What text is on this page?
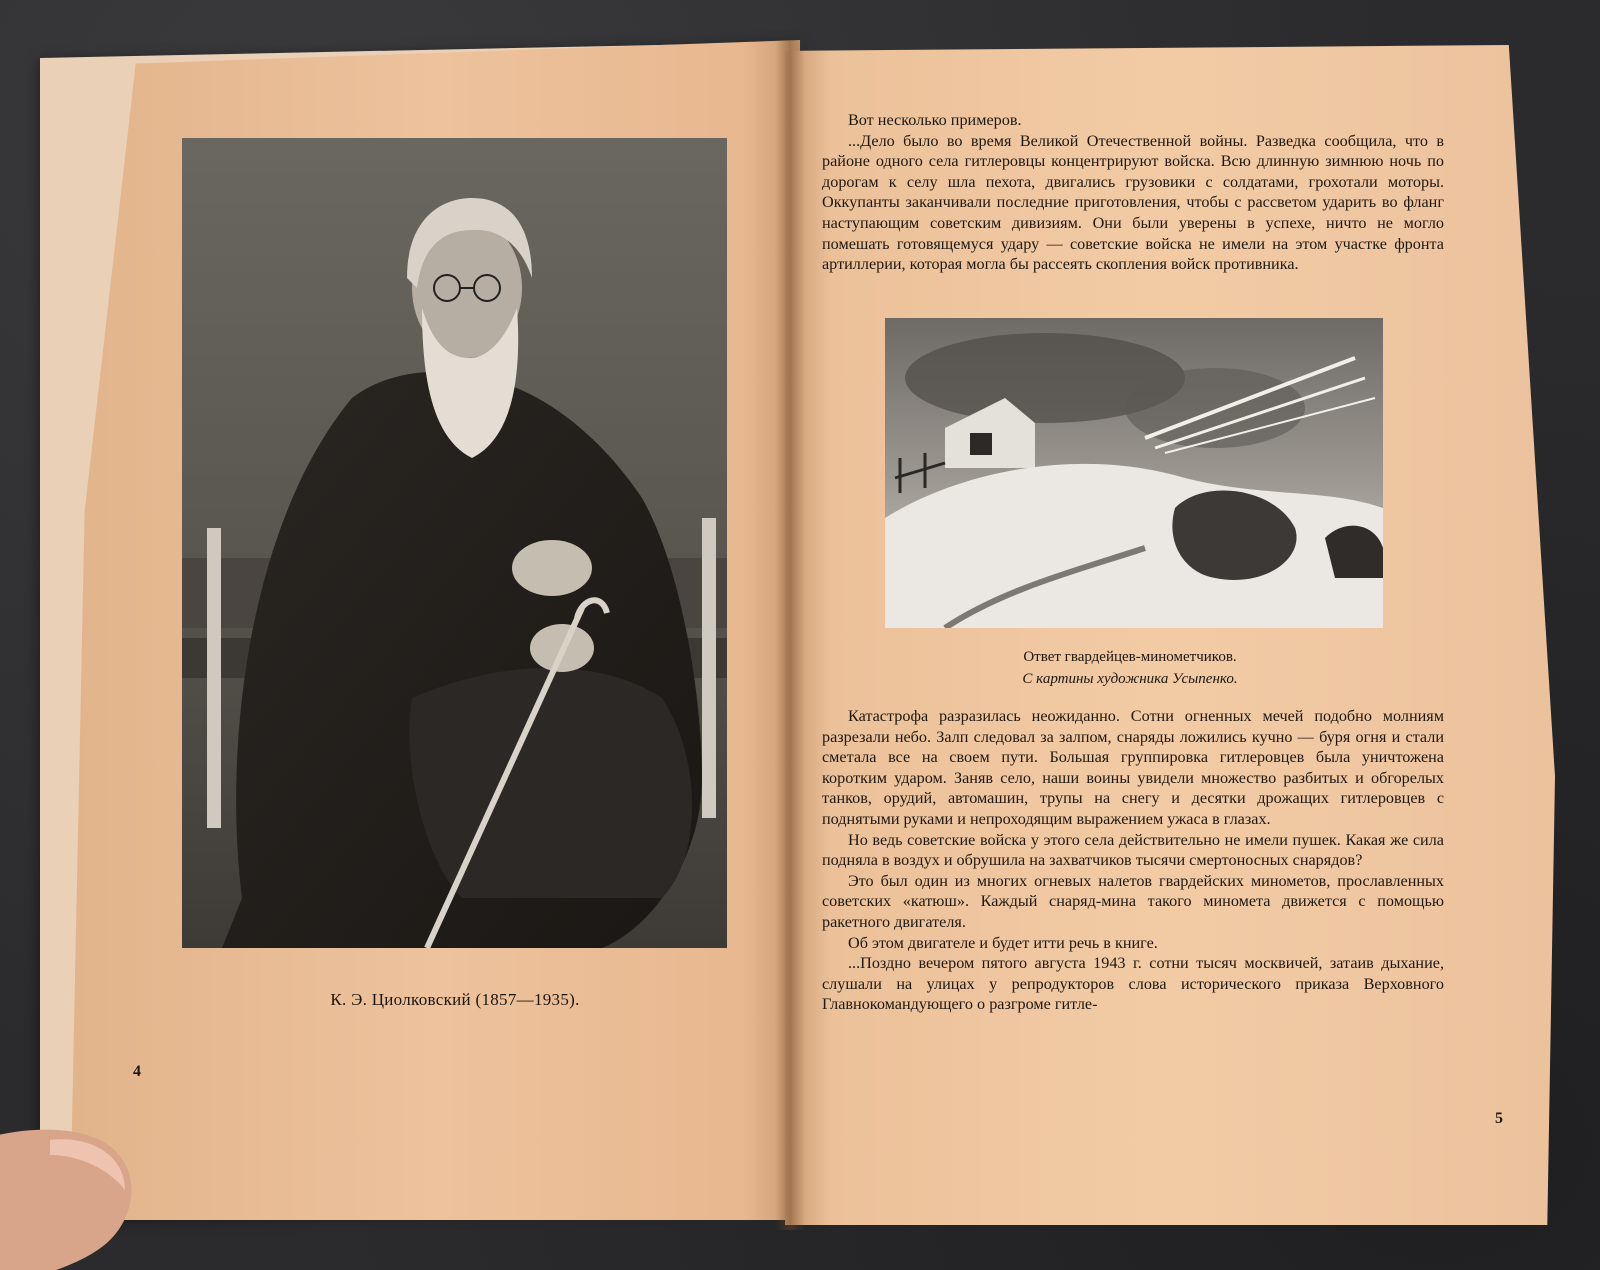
К. Э. Циолковский (1857—1935).
4

Вот несколько примеров.

...Дело было во время Великой Отечественной войны. Разведка сообщила, что в районе одного села гитлеровцы концентрируют войска. Всю длинную зимнюю ночь по дорогам к селу шла пехота, двигались грузовики с солдатами, грохотали моторы. Оккупанты заканчивали последние приготовления, чтобы с рассветом ударить во фланг наступающим советским дивизиям. Они были уверены в успехе, ничто не могло помешать готовящемуся удару — советские войска не имели на этом участке фронта артиллерии, которая могла бы рассеять скопления войск противника.

Ответ гвардейцев-минометчиков.
С картины художника Усыпенко.

Катастрофа разразилась неожиданно. Сотни огненных мечей подобно молниям разрезали небо. Залп следовал за залпом, снаряды ложились кучно — буря огня и стали сметала все на своем пути. Большая группировка гитлеровцев была уничтожена коротким ударом. Заняв село, наши воины увидели множество разбитых и обгорелых танков, орудий, автомашин, трупы на снегу и десятки дрожащих гитлеровцев с поднятыми руками и непроходящим выражением ужаса в глазах.

Но ведь советские войска у этого села действительно не имели пушек. Какая же сила подняла в воздух и обрушила на захватчиков тысячи смертоносных снарядов?

Это был один из многих огневых налетов гвардейских минометов, прославленных советских «катюш». Каждый снаряд-мина такого миномета движется с помощью ракетного двигателя.

Об этом двигателе и будет итти речь в книге.

...Поздно вечером пятого августа 1943 г. сотни тысяч москвичей, затаив дыхание, слушали на улицах у репродукторов слова исторического приказа Верховного Главнокомандующего о разгроме гитле-

5
